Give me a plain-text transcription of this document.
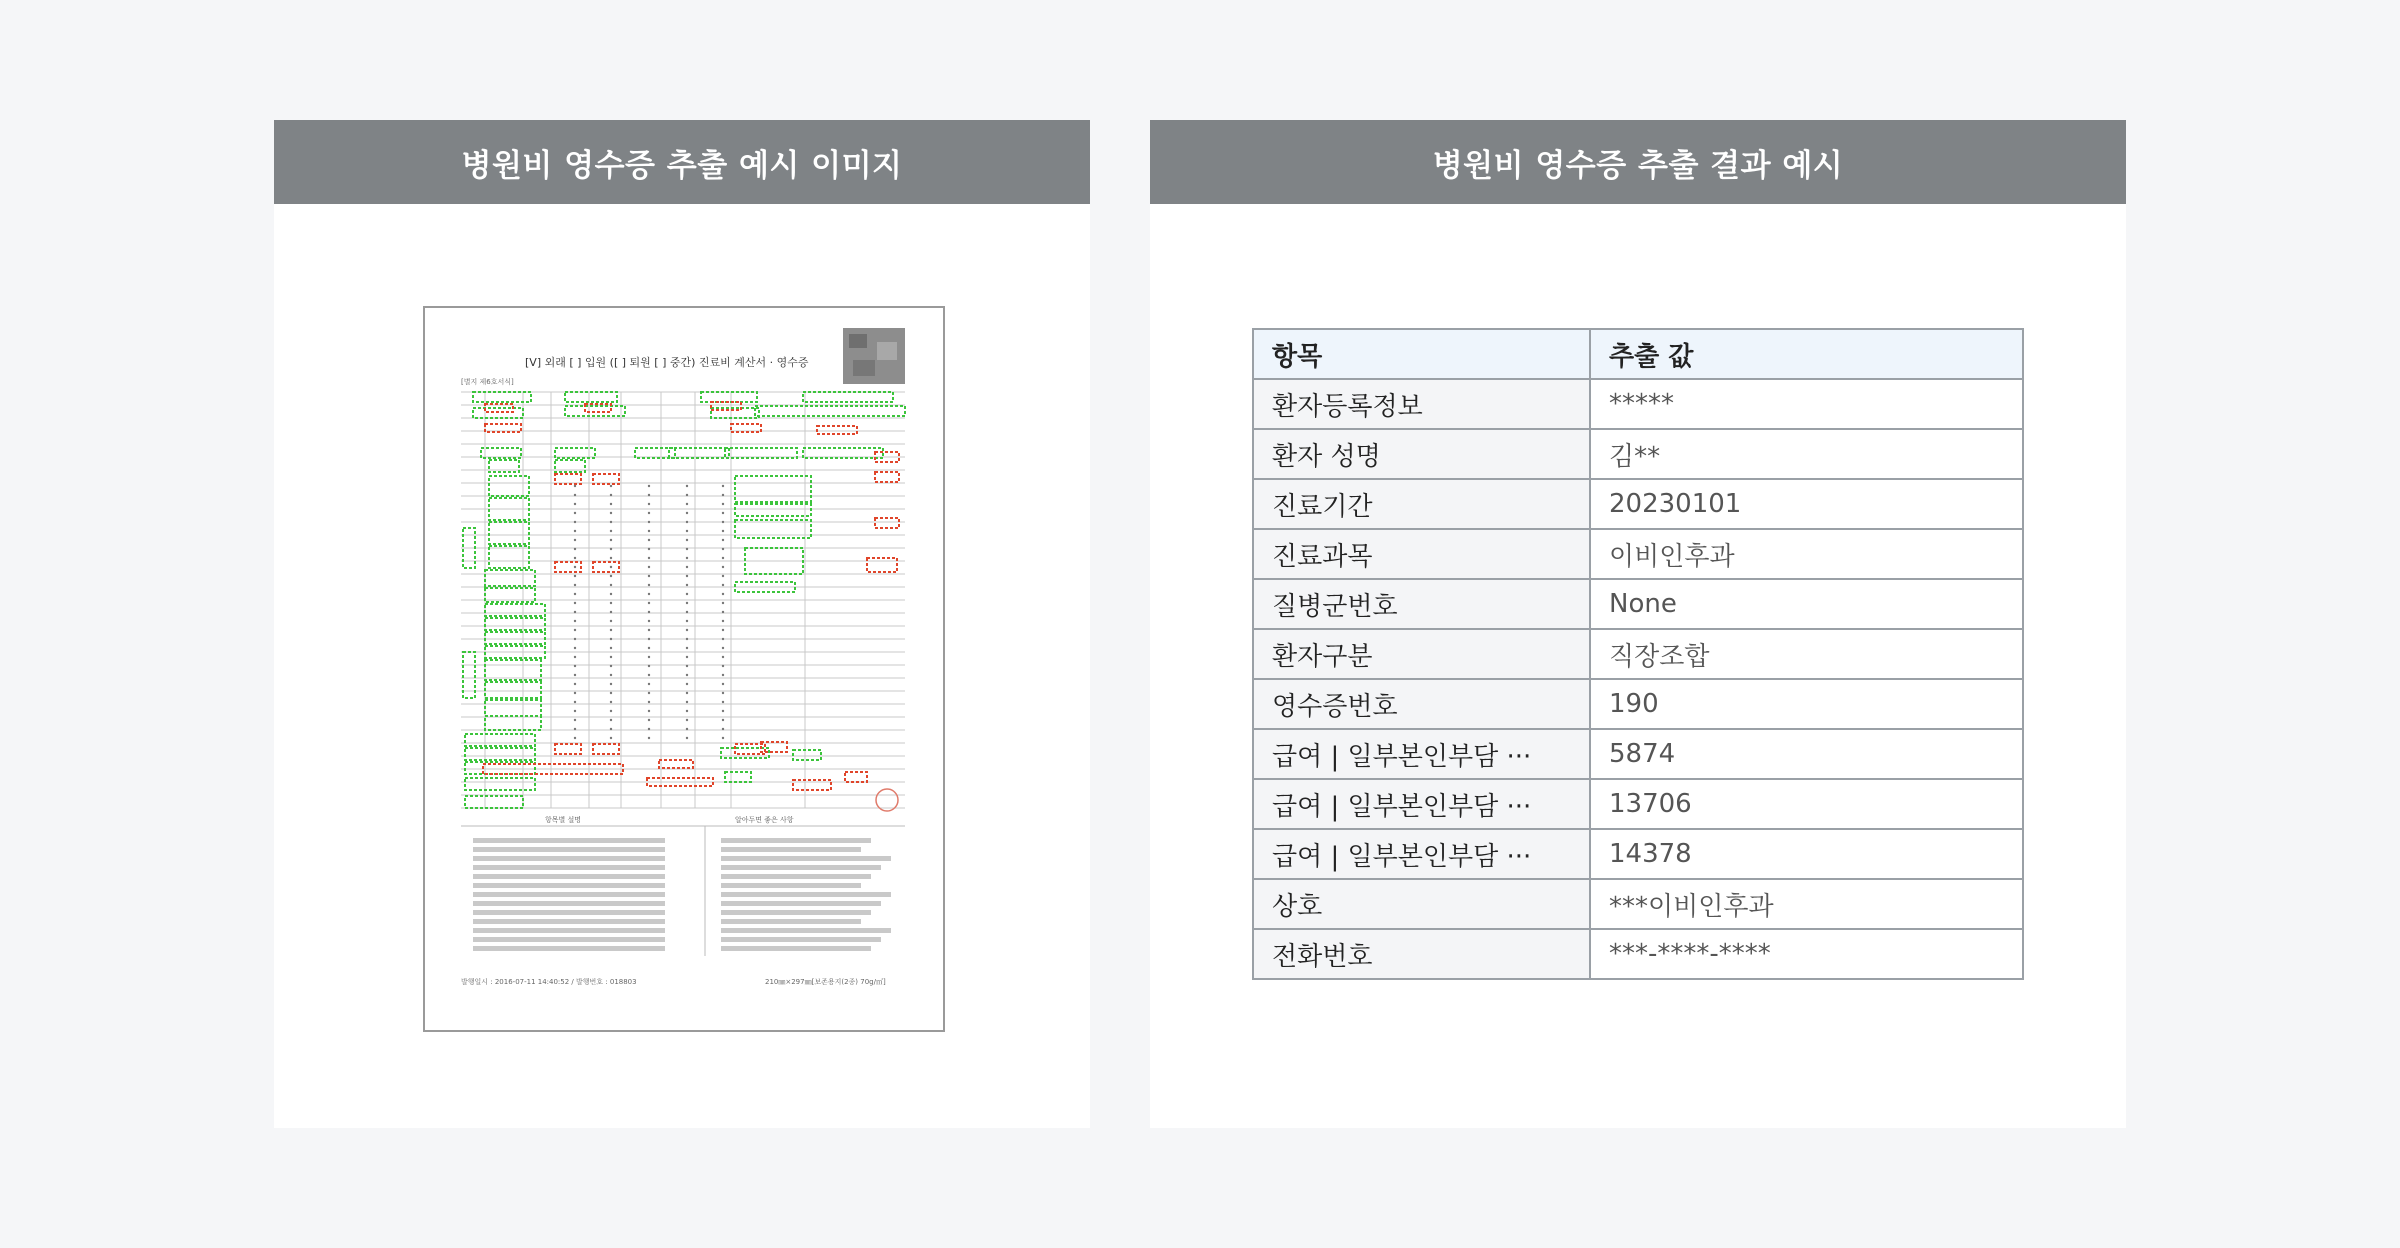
병원비 영수증 추출 예시 이미지
[V] 외래 [ ] 입원 ([ ] 퇴원 [ ] 중간) 진료비 계산서 · 영수증
[별지 제6호서식]
항목별 설명	알아두면 좋은 사항
발행일시 : 2016-07-11 14:40:52 / 발행번호 : 018803	210㎜×297㎜[보존용지(2종) 70g/㎡]
병원비 영수증 추출 결과 예시
항목	추출 값
환자등록정보	*****
환자 성명	김**
진료기간	20230101
진료과목	이비인후과
질병군번호	None
환자구분	직장조합
영수증번호	190
급여 | 일부본인부담 ···	5874
급여 | 일부본인부담 ···	13706
급여 | 일부본인부담 ···	14378
상호	***이비인후과
전화번호	***-****-****
